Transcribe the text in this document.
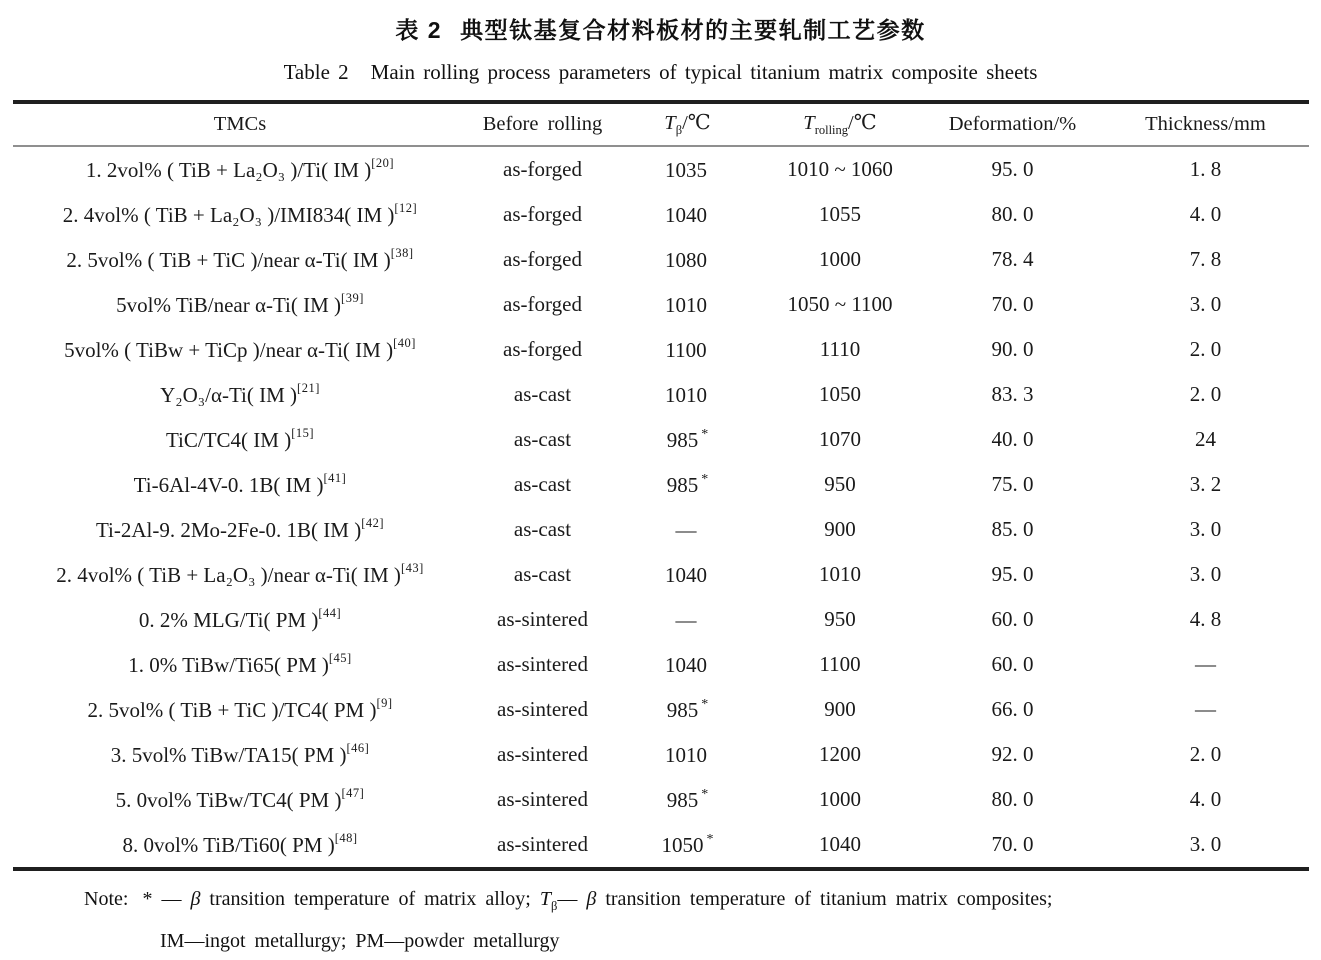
表 2 典型钛基复合材料板材的主要轧制工艺参数
Table 2 Main rolling process parameters of typical titanium matrix composite sheets
TMCs	Before rolling	$T_\beta/℃$	$T_{rolling}/℃$	Deformation/%	Thickness/mm
1. 2vol% ( TiB + La₂O₃ )/Ti( IM )[20]	as-forged	1035	1010 ~ 1060	95. 0	1. 8
2. 4vol% ( TiB + La₂O₃ )/IMI834( IM )[12]	as-forged	1040	1055	80. 0	4. 0
2. 5vol% ( TiB + TiC )/near α-Ti( IM )[38]	as-forged	1080	1000	78. 4	7. 8
5vol% TiB/near α-Ti( IM )[39]	as-forged	1010	1050 ~ 1100	70. 0	3. 0
5vol% ( TiBw + TiCp )/near α-Ti( IM )[40]	as-forged	1100	1110	90. 0	2. 0
Y₂O₃/α-Ti( IM )[21]	as-cast	1010	1050	83. 3	2. 0
TiC/TC4( IM )[15]	as-cast	985 *	1070	40. 0	24
Ti-6Al-4V-0. 1B( IM )[41]	as-cast	985 *	950	75. 0	3. 2
Ti-2Al-9. 2Mo-2Fe-0. 1B( IM )[42]	as-cast	—	900	85. 0	3. 0
2. 4vol% ( TiB + La₂O₃ )/near α-Ti( IM )[43]	as-cast	1040	1010	95. 0	3. 0
0. 2% MLG/Ti( PM )[44]	as-sintered	—	950	60. 0	4. 8
1. 0% TiBw/Ti65( PM )[45]	as-sintered	1040	1100	60. 0	—
2. 5vol% ( TiB + TiC )/TC4( PM )[9]	as-sintered	985 *	900	66. 0	—
3. 5vol% TiBw/TA15( PM )[46]	as-sintered	1010	1200	92. 0	2. 0
5. 0vol% TiBw/TC4( PM )[47]	as-sintered	985 *	1000	80. 0	4. 0
8. 0vol% TiB/Ti60( PM )[48]	as-sintered	1050 *	1040	70. 0	3. 0
Note: * — β transition temperature of matrix alloy; $T_\beta—$ β transition temperature of titanium matrix composites;
IM—ingot metallurgy; PM—powder metallurgy
